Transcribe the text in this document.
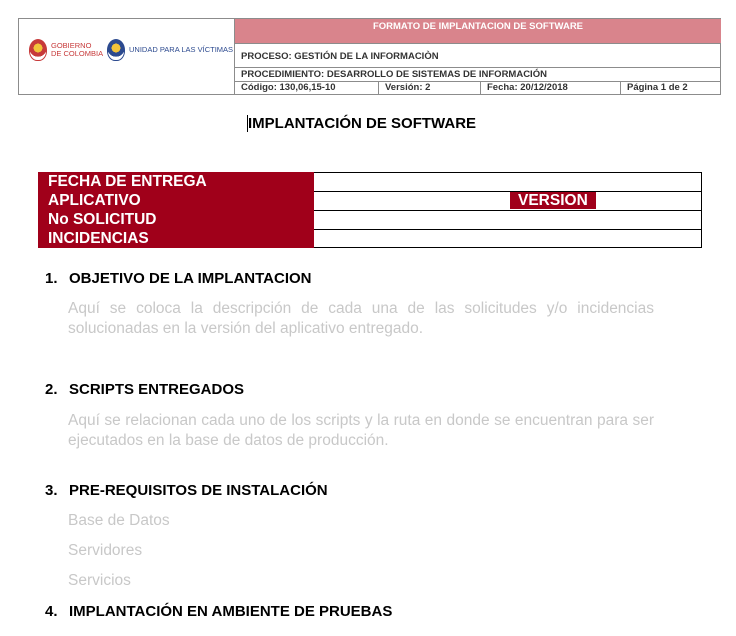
GOBIERNO
DE COLOMBIA	UNIDAD PARA LAS VÍCTIMAS
FORMATO DE IMPLANTACION DE SOFTWARE
PROCESO: GESTIÓN DE LA INFORMACIÒN
PROCEDIMIENTO: DESARROLLO DE SISTEMAS DE INFORMACIÓN
Código: 130,06,15-10	Versión: 2	Fecha: 20/12/2018	Página 1 de 2
IMPLANTACIÓN DE SOFTWARE
FECHA DE ENTREGA
APLICATIVO	VERSION
No SOLICITUD
INCIDENCIAS
1. OBJETIVO DE LA IMPLANTACION
Aquí se coloca la descripción de cada una de las solicitudes y/o incidencias solucionadas en la versión del aplicativo entregado.
2. SCRIPTS ENTREGADOS
Aquí se relacionan cada uno de los scripts y la ruta en donde se encuentran para ser ejecutados en la base de datos de producción.
3. PRE-REQUISITOS DE INSTALACIÓN
Base de Datos
Servidores
Servicios
4. IMPLANTACIÓN EN AMBIENTE DE PRUEBAS
